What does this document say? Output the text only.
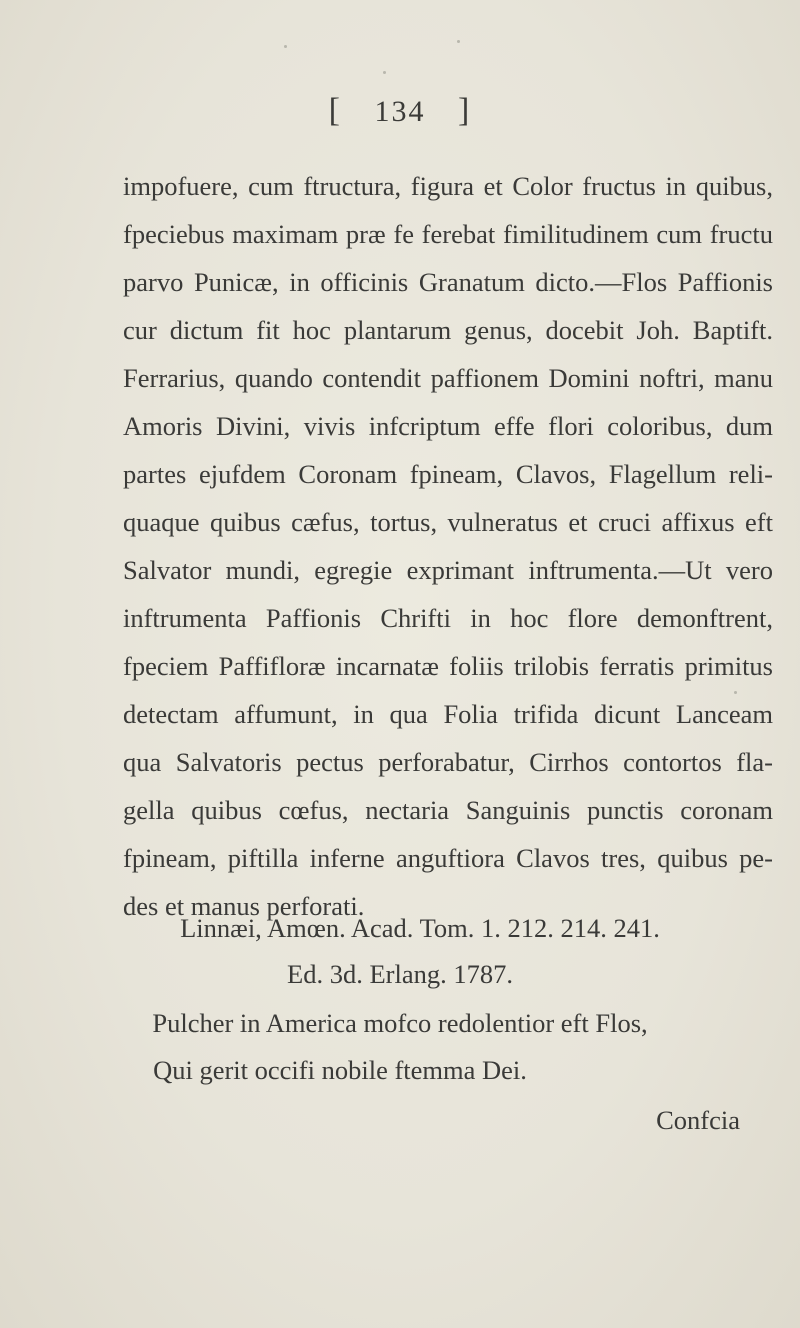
[ 134 ]
impofuere, cum ftructura, figura et Color fructus in quibus,
fpeciebus maximam præ fe ferebat fimilitudinem cum fructu
parvo Punicæ, in officinis Granatum dicto.—Flos Paffionis
cur dictum fit hoc plantarum genus, docebit Joh. Baptift.
Ferrarius, quando contendit paffionem Domini noftri, manu
Amoris Divini, vivis infcriptum effe flori coloribus, dum
partes ejufdem Coronam fpineam, Clavos, Flagellum reli-
quaque quibus cæfus, tortus, vulneratus et cruci affixus eft
Salvator mundi, egregie exprimant inftrumenta.—Ut vero
inftrumenta Paffionis Chrifti in hoc flore demonftrent,
fpeciem Paffifloræ incarnatæ foliis trilobis ferratis primitus
detectam affumunt, in qua Folia trifida dicunt Lanceam
qua Salvatoris pectus perforabatur, Cirrhos contortos fla-
gella quibus cœfus, nectaria Sanguinis punctis coronam
fpineam, piftilla inferne anguftiora Clavos tres, quibus pe-
des et manus perforati.
Linnæi, Amœn. Acad. Tom. 1. 212. 214. 241.
Ed. 3d. Erlang. 1787.
Pulcher in America mofco redolentior eft Flos,
Qui gerit occifi nobile ftemma Dei.
Confcia
